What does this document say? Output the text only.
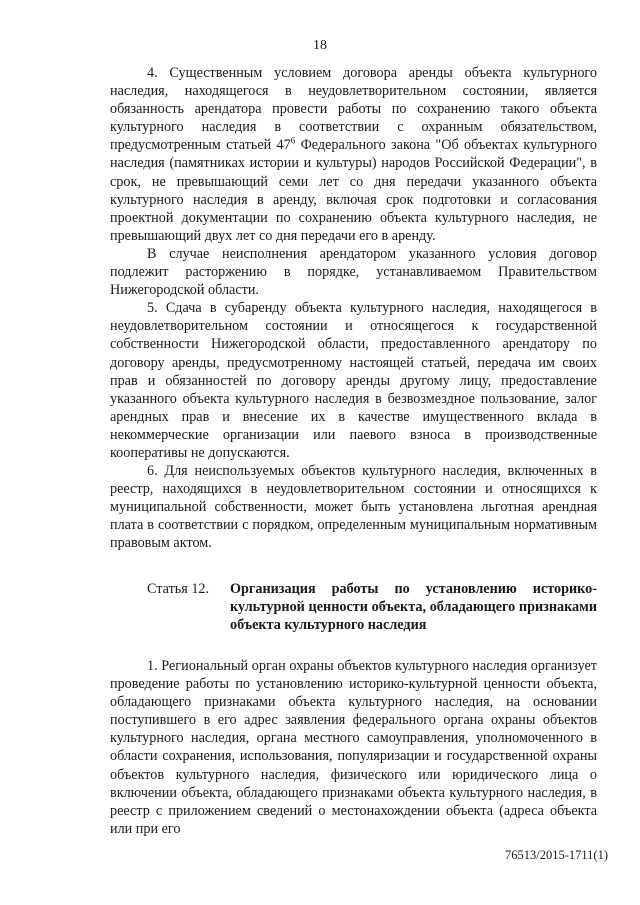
18

4. Существенным условием договора аренды объекта культурного наследия, находящегося в неудовлетворительном состоянии, является обязанность арендатора провести работы по сохранению такого объекта культурного наследия в соответствии с охранным обязательством, предусмотренным статьей $47^6$ Федерального закона "Об объектах культурного наследия (памятниках истории и культуры) народов Российской Федерации", в срок, не превышающий семи лет со дня передачи указанного объекта культурного наследия в аренду, включая срок подготовки и согласования проектной документации по сохранению объекта культурного наследия, не превышающий двух лет со дня передачи его в аренду.

В случае неисполнения арендатором указанного условия договор подлежит расторжению в порядке, устанавливаемом Правительством Нижегородской области.

5. Сдача в субаренду объекта культурного наследия, находящегося в неудовлетворительном состоянии и относящегося к государственной собственности Нижегородской области, предоставленного арендатору по договору аренды, предусмотренному настоящей статьей, передача им своих прав и обязанностей по договору аренды другому лицу, предоставление указанного объекта культурного наследия в безвозмездное пользование, залог арендных прав и внесение их в качестве имущественного вклада в некоммерческие организации или паевого взноса в производственные кооперативы не допускаются.

6. Для неиспользуемых объектов культурного наследия, включенных в реестр, находящихся в неудовлетворительном состоянии и относящихся к муниципальной собственности, может быть установлена льготная арендная плата в соответствии с порядком, определенным муниципальным нормативным правовым актом.

Статья 12. Организация работы по установлению историко-культурной ценности объекта, обладающего признаками объекта культурного наследия

1. Региональный орган охраны объектов культурного наследия организует проведение работы по установлению историко-культурной ценности объекта, обладающего признаками объекта культурного наследия, на основании поступившего в его адрес заявления федерального органа охраны объектов культурного наследия, органа местного самоуправления, уполномоченного в области сохранения, использования, популяризации и государственной охраны объектов культурного наследия, физического или юридического лица о включении объекта, обладающего признаками объекта культурного наследия, в реестр с приложением сведений о местонахождении объекта (адреса объекта или при его

76513/2015-1711(1)
